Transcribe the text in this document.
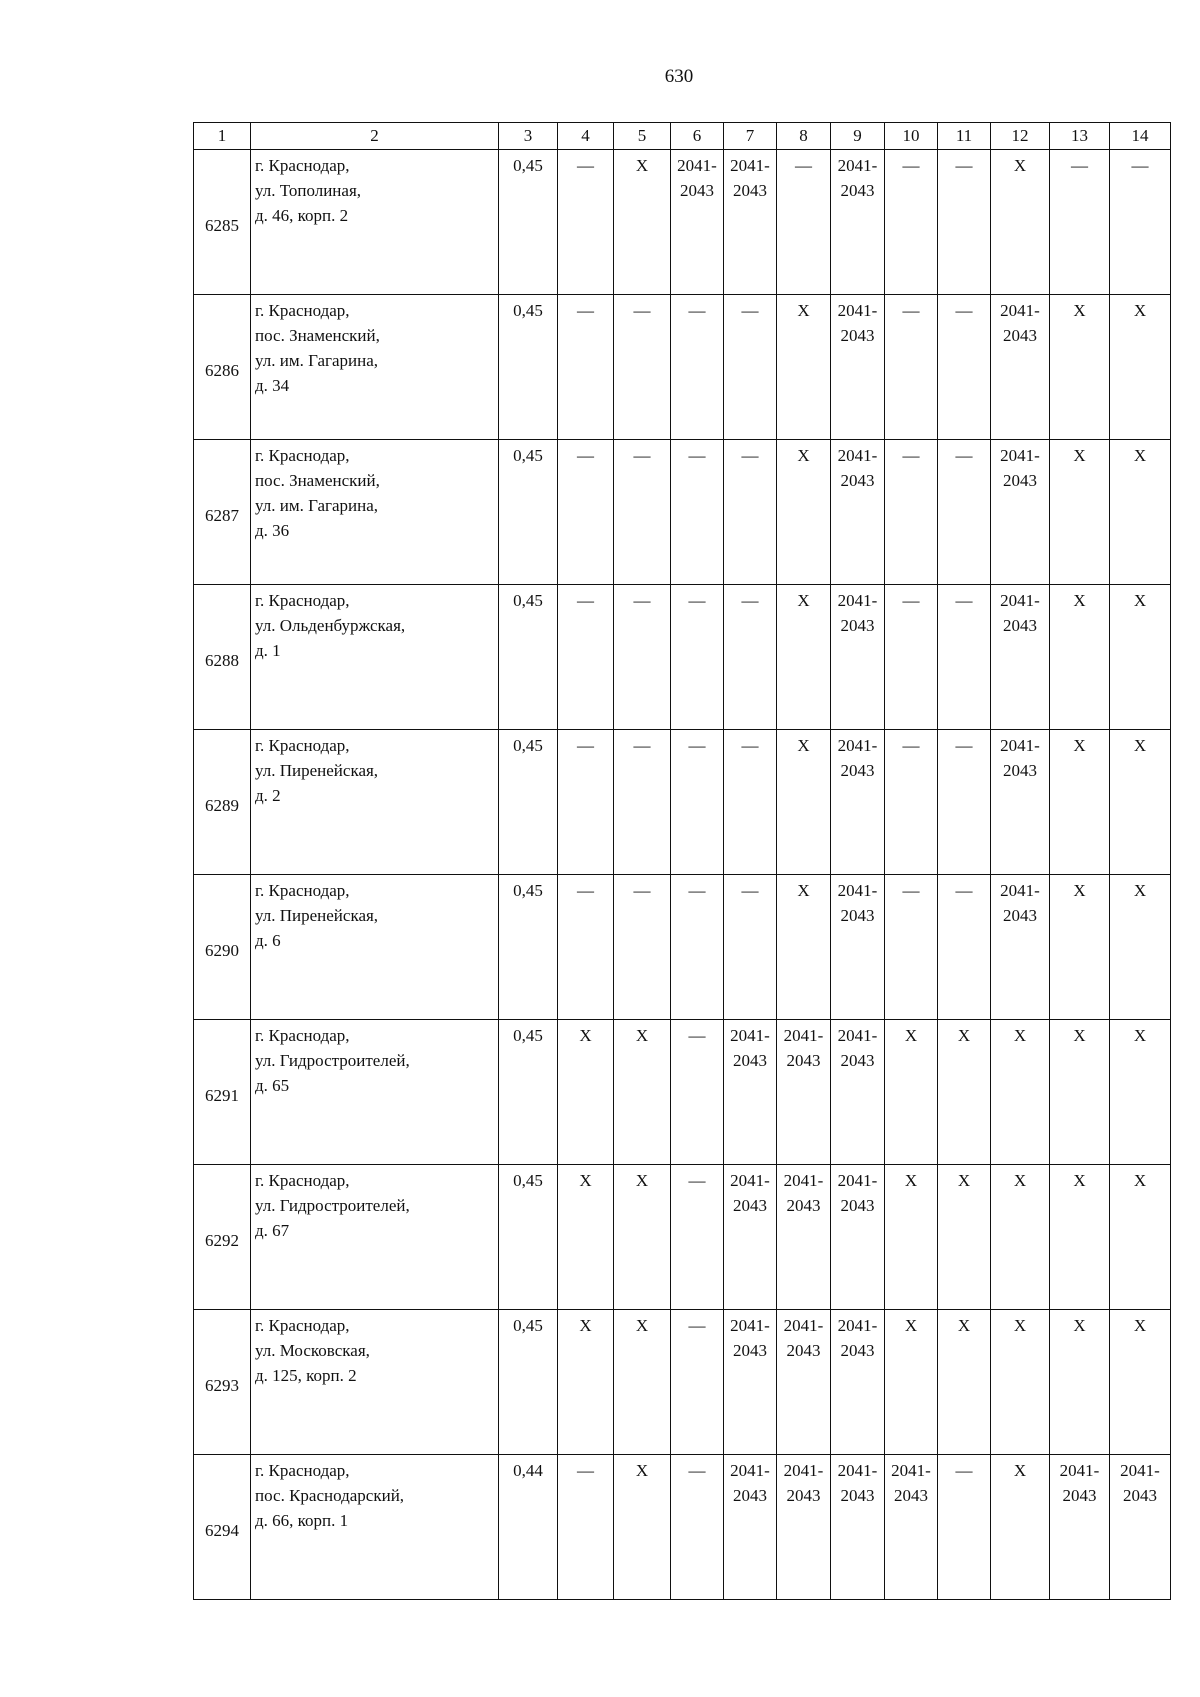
630
1	2	3	4	5	6	7	8	9	10	11	12	13	14

6285	г. Краснодар,
ул. Тополиная,
д. 46, корп. 2	0,45	—	Х	2041-
2043	2041-
2043	—	2041-
2043	—	—	Х	—	—

6286	г. Краснодар,
пос. Знаменский,
ул. им. Гагарина,
д. 34	0,45	—	—	—	—	Х	2041-
2043	—	—	2041-
2043	Х	Х

6287	г. Краснодар,
пос. Знаменский,
ул. им. Гагарина,
д. 36	0,45	—	—	—	—	Х	2041-
2043	—	—	2041-
2043	Х	Х

6288	г. Краснодар,
ул. Ольденбуржская,
д. 1	0,45	—	—	—	—	Х	2041-
2043	—	—	2041-
2043	Х	Х

6289	г. Краснодар,
ул. Пиренейская,
д. 2	0,45	—	—	—	—	Х	2041-
2043	—	—	2041-
2043	Х	Х

6290	г. Краснодар,
ул. Пиренейская,
д. 6	0,45	—	—	—	—	Х	2041-
2043	—	—	2041-
2043	Х	Х

6291	г. Краснодар,
ул. Гидростроителей,
д. 65	0,45	Х	Х	—	2041-
2043	2041-
2043	2041-
2043	Х	Х	Х	Х	Х

6292	г. Краснодар,
ул. Гидростроителей,
д. 67	0,45	Х	Х	—	2041-
2043	2041-
2043	2041-
2043	Х	Х	Х	Х	Х

6293	г. Краснодар,
ул. Московская,
д. 125, корп. 2	0,45	Х	Х	—	2041-
2043	2041-
2043	2041-
2043	Х	Х	Х	Х	Х

6294	г. Краснодар,
пос. Краснодарский,
д. 66, корп. 1	0,44	—	Х	—	2041-
2043	2041-
2043	2041-
2043	2041-
2043	—	Х	2041-
2043	2041-
2043
